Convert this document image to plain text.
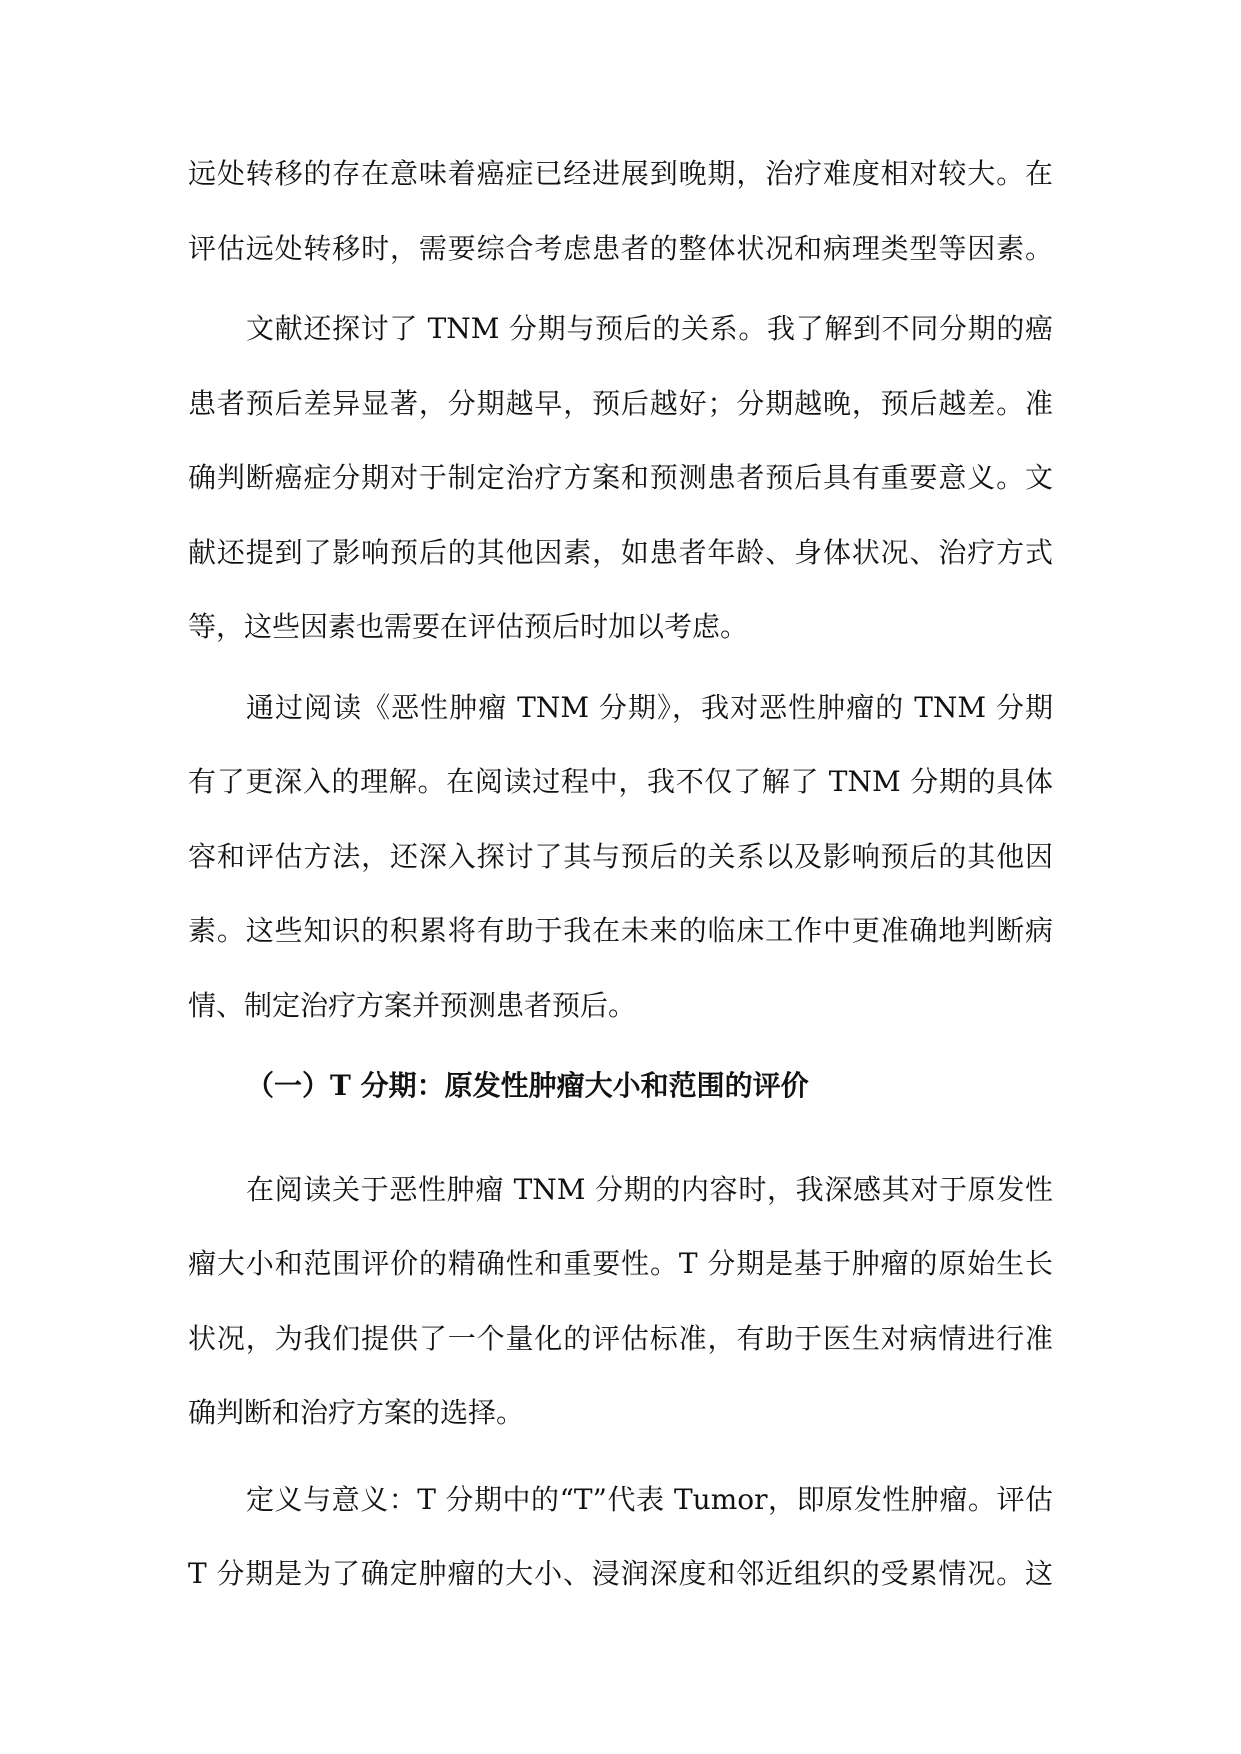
远处转移的存在意味着癌症已经进展到晚期，治疗难度相对较大。在
评估远处转移时，需要综合考虑患者的整体状况和病理类型等因素。
文献还探讨了 TNM 分期与预后的关系。我了解到不同分期的癌
患者预后差异显著，分期越早，预后越好；分期越晚，预后越差。准
确判断癌症分期对于制定治疗方案和预测患者预后具有重要意义。文
献还提到了影响预后的其他因素，如患者年龄、身体状况、治疗方式
等，这些因素也需要在评估预后时加以考虑。
通过阅读《恶性肿瘤 TNM 分期》，我对恶性肿瘤的 TNM 分期
有了更深入的理解。在阅读过程中，我不仅了解了 TNM 分期的具体
容和评估方法，还深入探讨了其与预后的关系以及影响预后的其他因
素。这些知识的积累将有助于我在未来的临床工作中更准确地判断病
情、制定治疗方案并预测患者预后。
（一）T 分期：原发性肿瘤大小和范围的评价
在阅读关于恶性肿瘤 TNM 分期的内容时，我深感其对于原发性
瘤大小和范围评价的精确性和重要性。T 分期是基于肿瘤的原始生长
状况，为我们提供了一个量化的评估标准，有助于医生对病情进行准
确判断和治疗方案的选择。
定义与意义：T 分期中的“T”代表 Tumor，即原发性肿瘤。评估
T 分期是为了确定肿瘤的大小、浸润深度和邻近组织的受累情况。这
